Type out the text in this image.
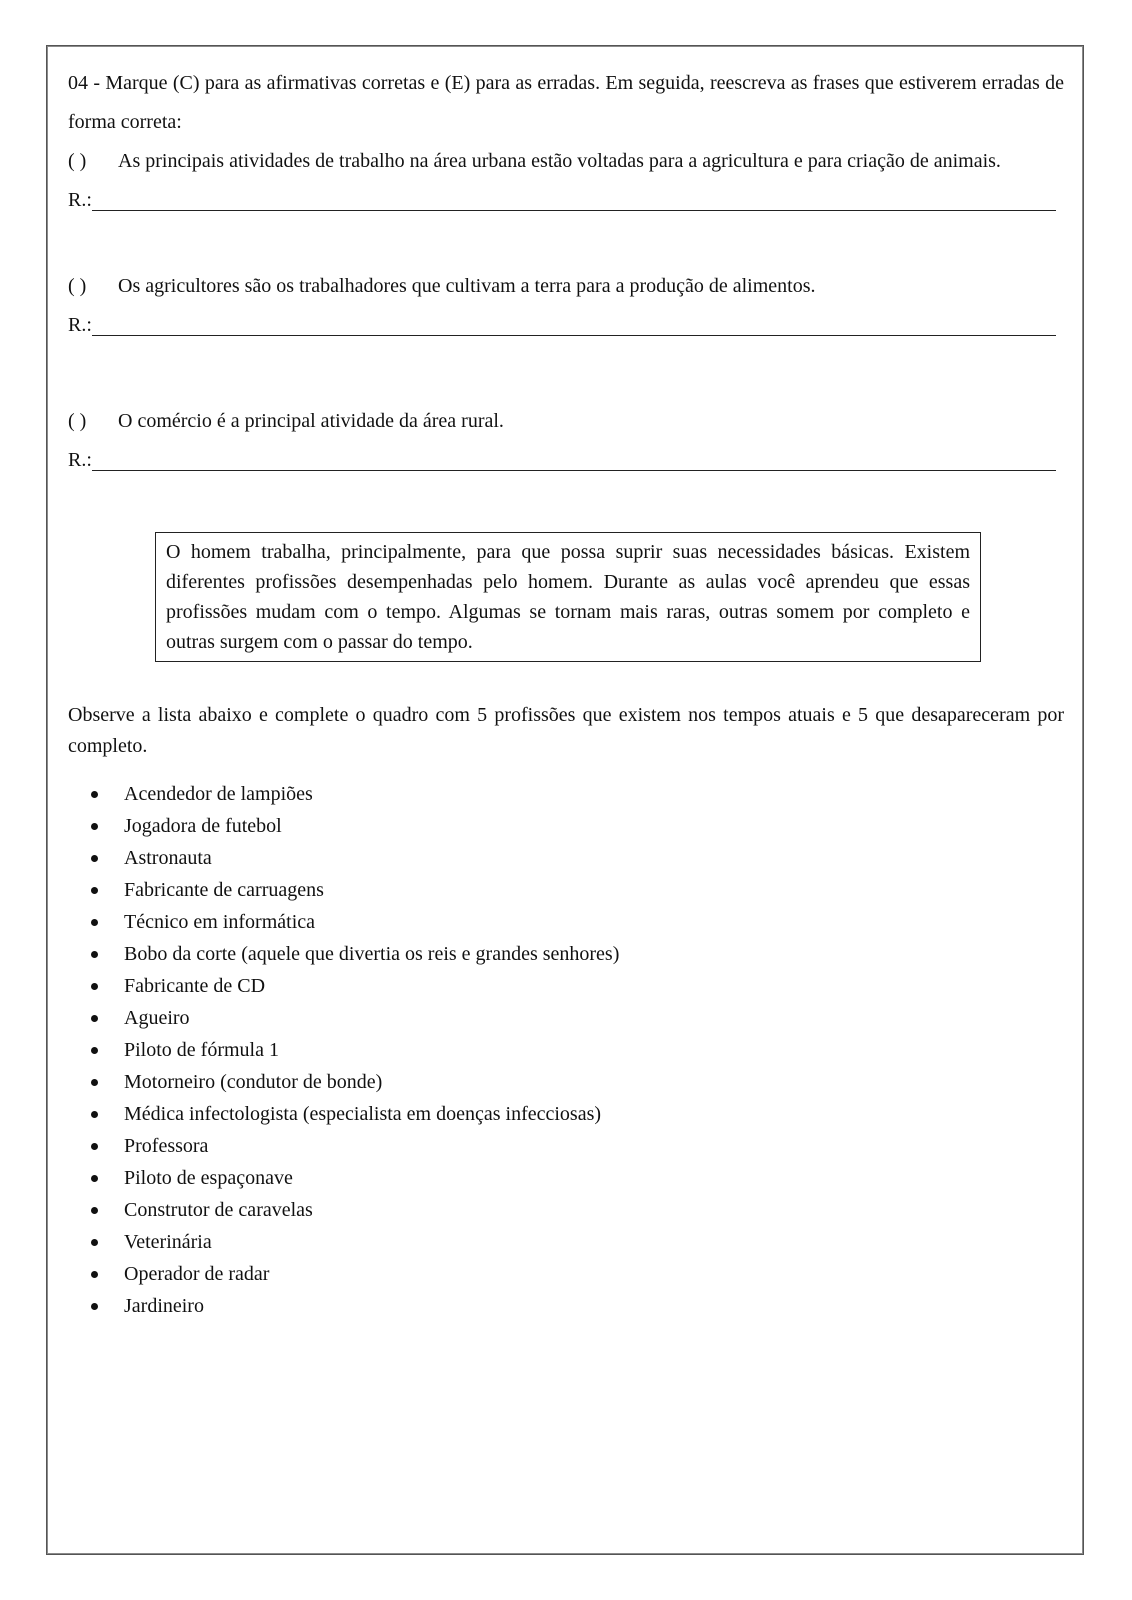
04 - Marque (C) para as afirmativas corretas e (E) para as erradas. Em seguida, reescreva as frases que estiverem erradas de forma correta:

( ) As principais atividades de trabalho na área urbana estão voltadas para a agricultura e para criação de animais.

R.:

( ) Os agricultores são os trabalhadores que cultivam a terra para a produção de alimentos.

R.:

( ) O comércio é a principal atividade da área rural.

R.:
O homem trabalha, principalmente, para que possa suprir suas necessidades básicas. Existem diferentes profissões desempenhadas pelo homem. Durante as aulas você aprendeu que essas profissões mudam com o tempo. Algumas se tornam mais raras, outras somem por completo e outras surgem com o passar do tempo.

Observe a lista abaixo e complete o quadro com 5 profissões que existem nos tempos atuais e 5 que desapareceram por completo.

Acendedor de lampiões
Jogadora de futebol
Astronauta
Fabricante de carruagens
Técnico em informática
Bobo da corte (aquele que divertia os reis e grandes senhores)
Fabricante de CD
Agueiro
Piloto de fórmula 1
Motorneiro (condutor de bonde)
Médica infectologista (especialista em doenças infecciosas)
Professora
Piloto de espaçonave
Construtor de caravelas
Veterinária
Operador de radar
Jardineiro
